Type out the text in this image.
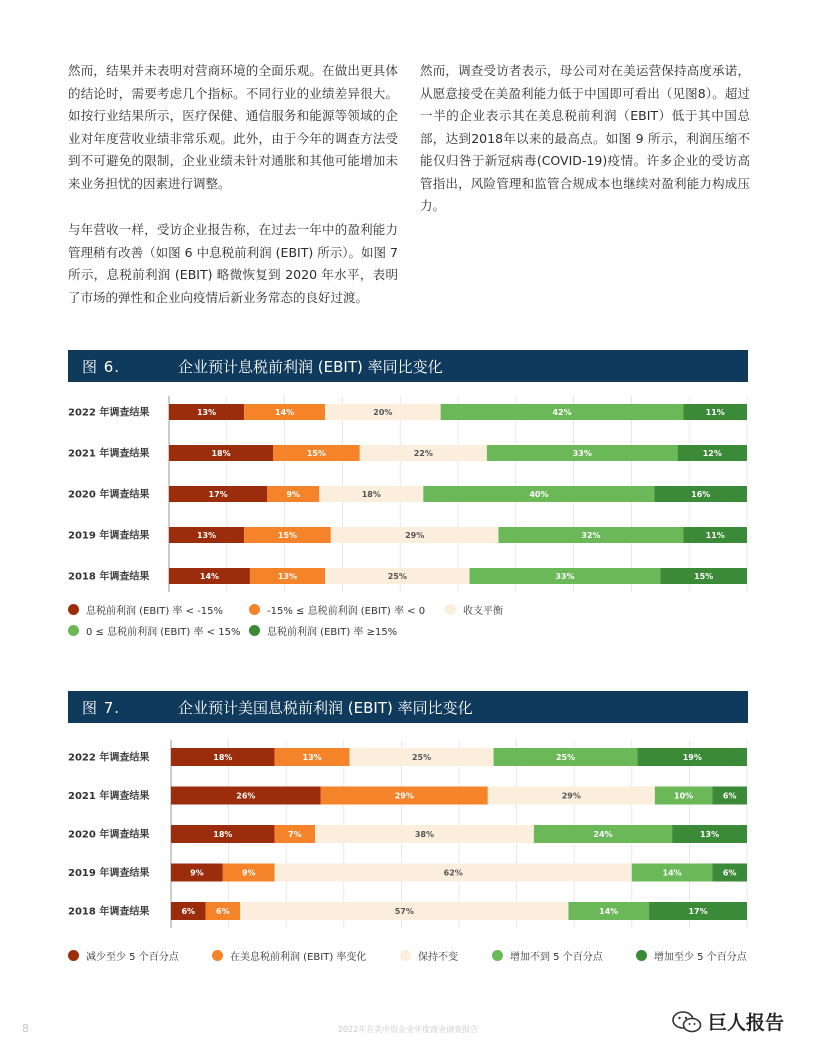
然而，结果并未表明对营商环境的全面乐观。在做出更具体的结论时，需要考虑几个指标。不同行业的业绩差异很大。如按行业结果所示，医疗保健、通信服务和能源等领域的企业对年度营收业绩非常乐观。此外，由于今年的调查方法受到不可避免的限制，企业业绩未针对通胀和其他可能增加未来业务担忧的因素进行调整。

与年营收一样，受访企业报告称，在过去一年中的盈利能力管理稍有改善（如图 6 中息税前利润 (EBIT) 所示）。如图 7 所示，息税前利润 (EBIT) 略微恢复到 2020 年水平，表明了市场的弹性和企业向疫情后新业务常态的良好过渡。

然而，调查受访者表示，母公司对在美运营保持高度承诺，从愿意接受在美盈利能力低于中国即可看出（见图8）。超过一半的企业表示其在美息税前利润（EBIT）低于其中国总部，达到2018年以来的最高点。如图 9 所示，利润压缩不能仅归咎于新冠病毒(COVID-19)疫情。许多企业的受访高管指出，风险管理和监管合规成本也继续对盈利能力构成压力。

图 6.	企业预计息税前利润 (EBIT) 率同比变化
2022 年调查结果	13%	14%	20%	42%	11%
2021 年调查结果	18%	15%	22%	33%	12%
2020 年调查结果	17%	9%	18%	40%	16%
2019 年调查结果	13%	15%	29%	32%	11%
2018 年调查结果	14%	13%	25%	33%	15%
息税前利润 (EBIT) 率 < -15%	-15% ≤ 息税前利润 (EBIT) 率 < 0	收支平衡
0 ≤ 息税前利润 (EBIT) 率 < 15%	息税前利润 (EBIT) 率 ≥15%
图 7.	企业预计美国息税前利润 (EBIT) 率同比变化
2022 年调查结果	18%	13%	25%	25%	19%
2021 年调查结果	26%	29%	29%	10%	6%
2020 年调查结果	18%	7%	38%	24%	13%
2019 年调查结果	9%	9%	62%	14%	6%
2018 年调查结果	6%	6%	57%	14%	17%
减少至少 5 个百分点	在美息税前利润 (EBIT) 率变化	保持不变	增加不到 5 个百分点	增加至少 5 个百分点
8	2022年在美中资企业年度商业调查报告	巨人报告
